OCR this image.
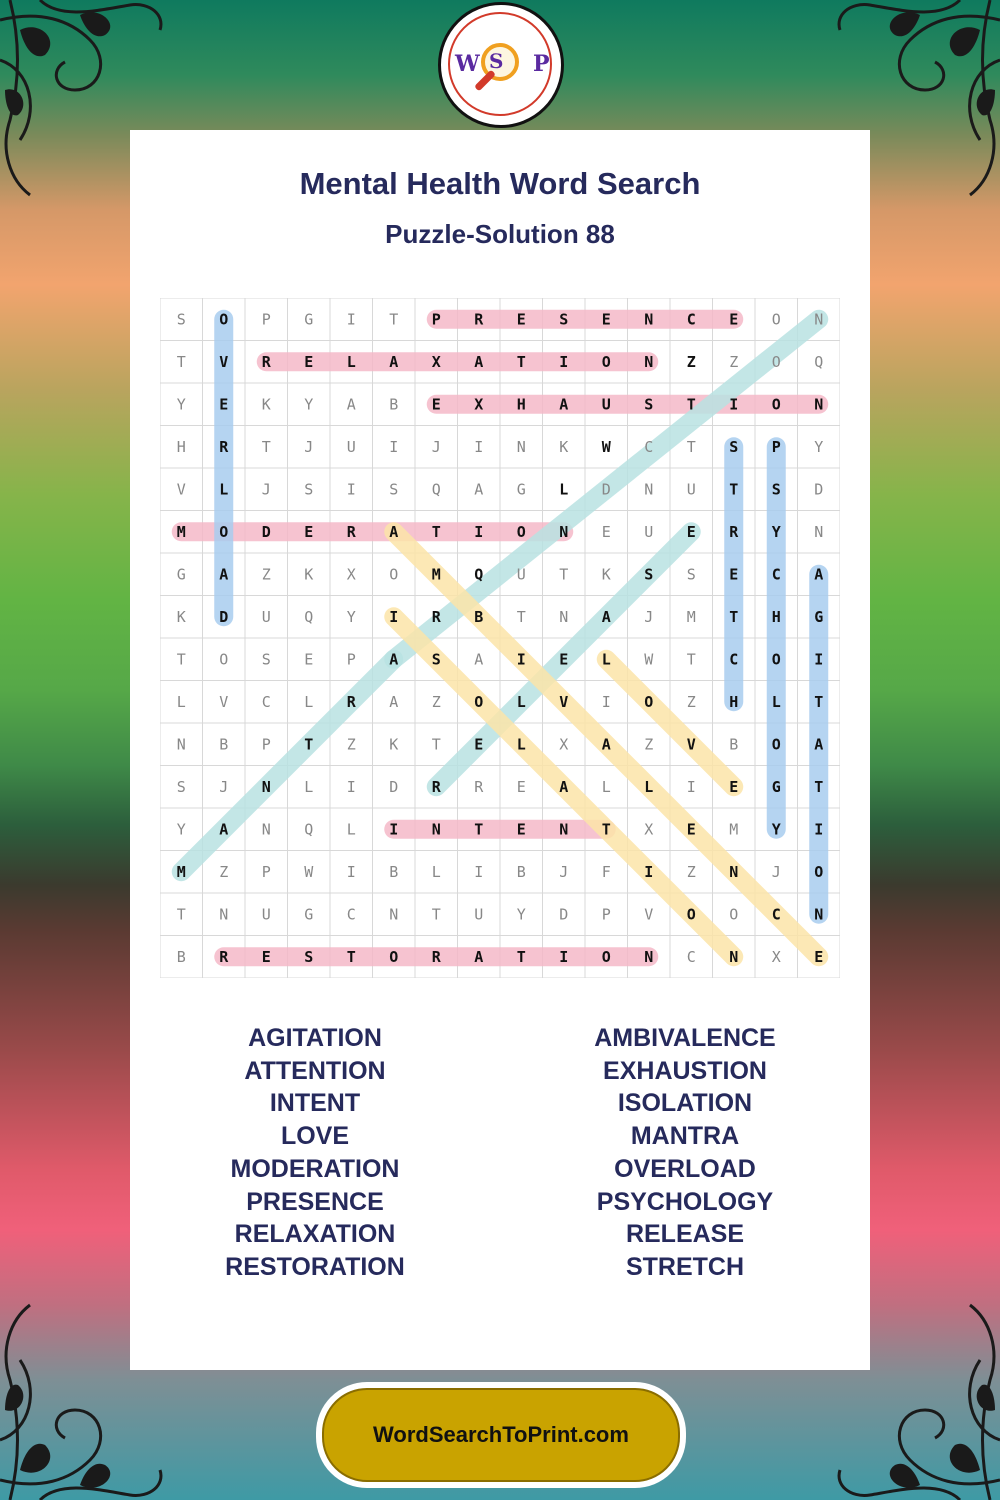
W S P
Mental Health Word Search
Puzzle-Solution 88
S O P G I T P R E S E N C E O N
T V R E L A X A T I O N Z Z O Q
Y E K Y A B E X H A U S T I O N
H R T J U I J I N K W C T S P Y
V L J S I S Q A G L D N U T S D
M O D E R A T I O N E U E R Y N
G A Z K X O M Q U T K S S E C A
K D U Q Y I R B T N A J M T H G
T O S E P A S A I E L W T C O I
L V C L R A Z O L V I O Z H L T
N B P T Z K T E L X A Z V B O A
S J N L I D R R E A L L I E G T
Y A N Q L I N T E N T X E M Y I
M Z P W I B L I B J F I Z N J O
T N U G C N T U Y D P V O O C N
B R E S T O R A T I O N C N X E
AGITATION
ATTENTION
INTENT
LOVE
MODERATION
PRESENCE
RELAXATION
RESTORATION
AMBIVALENCE
EXHAUSTION
ISOLATION
MANTRA
OVERLOAD
PSYCHOLOGY
RELEASE
STRETCH
WordSearchToPrint.com
